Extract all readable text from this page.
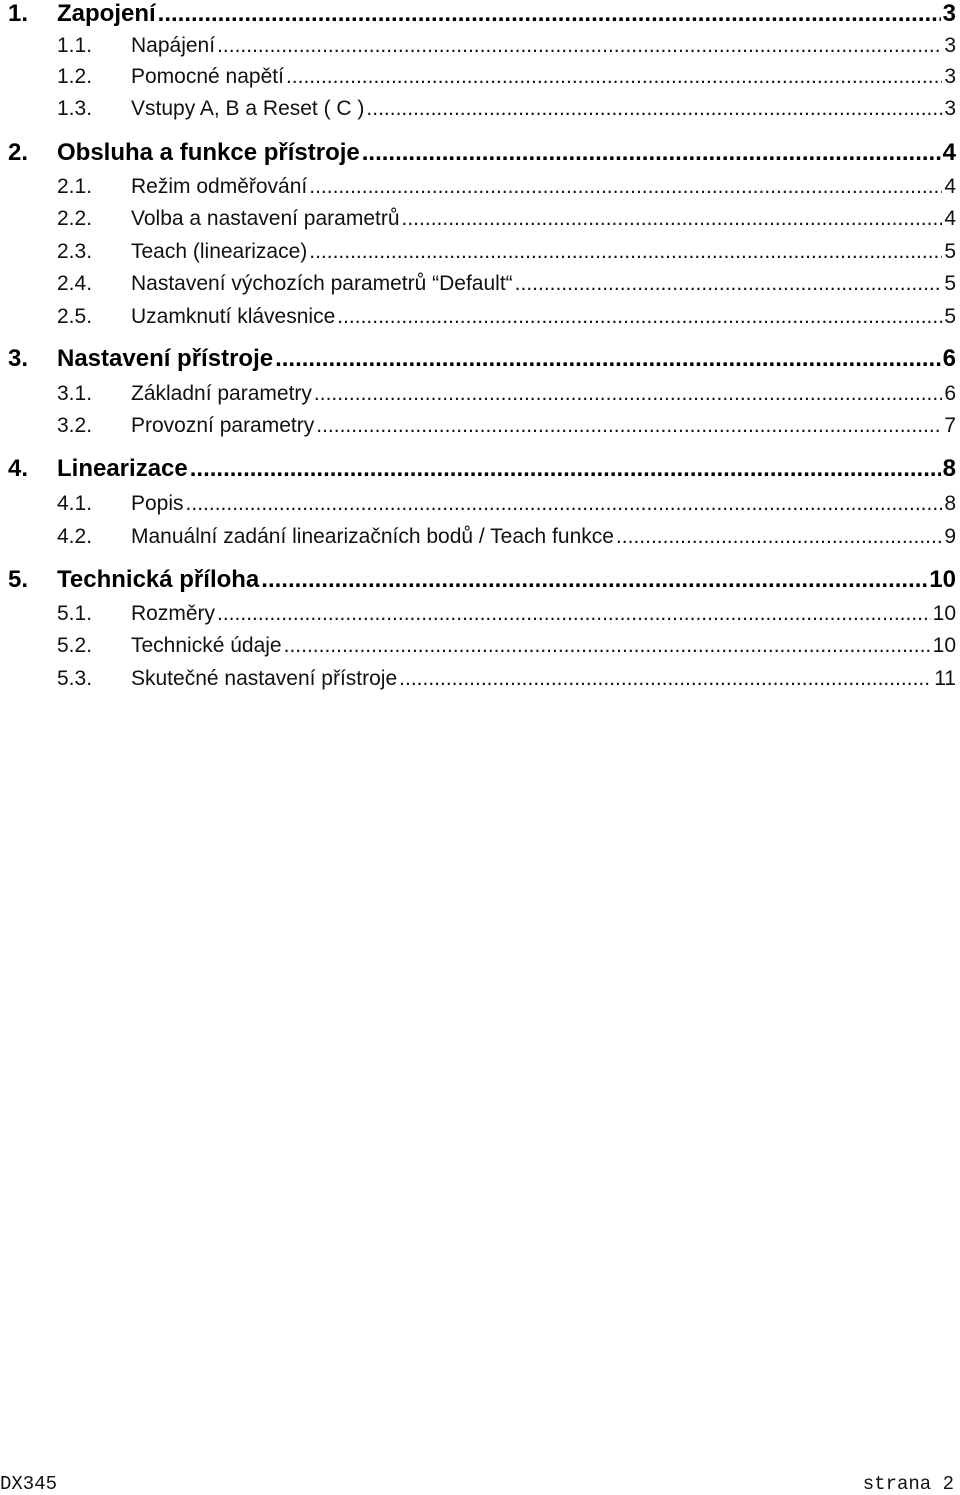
1.	Zapojení .....	3
1.1.	Napájení .....	3
1.2.	Pomocné napětí .....	3
1.3.	Vstupy A, B a Reset ( C ) .....	3
2.	Obsluha a funkce přístroje .....	4
2.1.	Režim odměřování .....	4
2.2.	Volba a nastavení parametrů .....	4
2.3.	Teach (linearizace) .....	5
2.4.	Nastavení výchozích parametrů “Default“ .....	5
2.5.	Uzamknutí klávesnice .....	5
3.	Nastavení přístroje .....	6
3.1.	Základní parametry .....	6
3.2.	Provozní parametry .....	7
4.	Linearizace .....	8
4.1.	Popis .....	8
4.2.	Manuální zadání linearizačních bodů / Teach funkce .....	9
5.	Technická příloha .....	10
5.1.	Rozměry .....	10
5.2.	Technické údaje .....	10
5.3.	Skutečné nastavení přístroje .....	11
DX345	strana 2
